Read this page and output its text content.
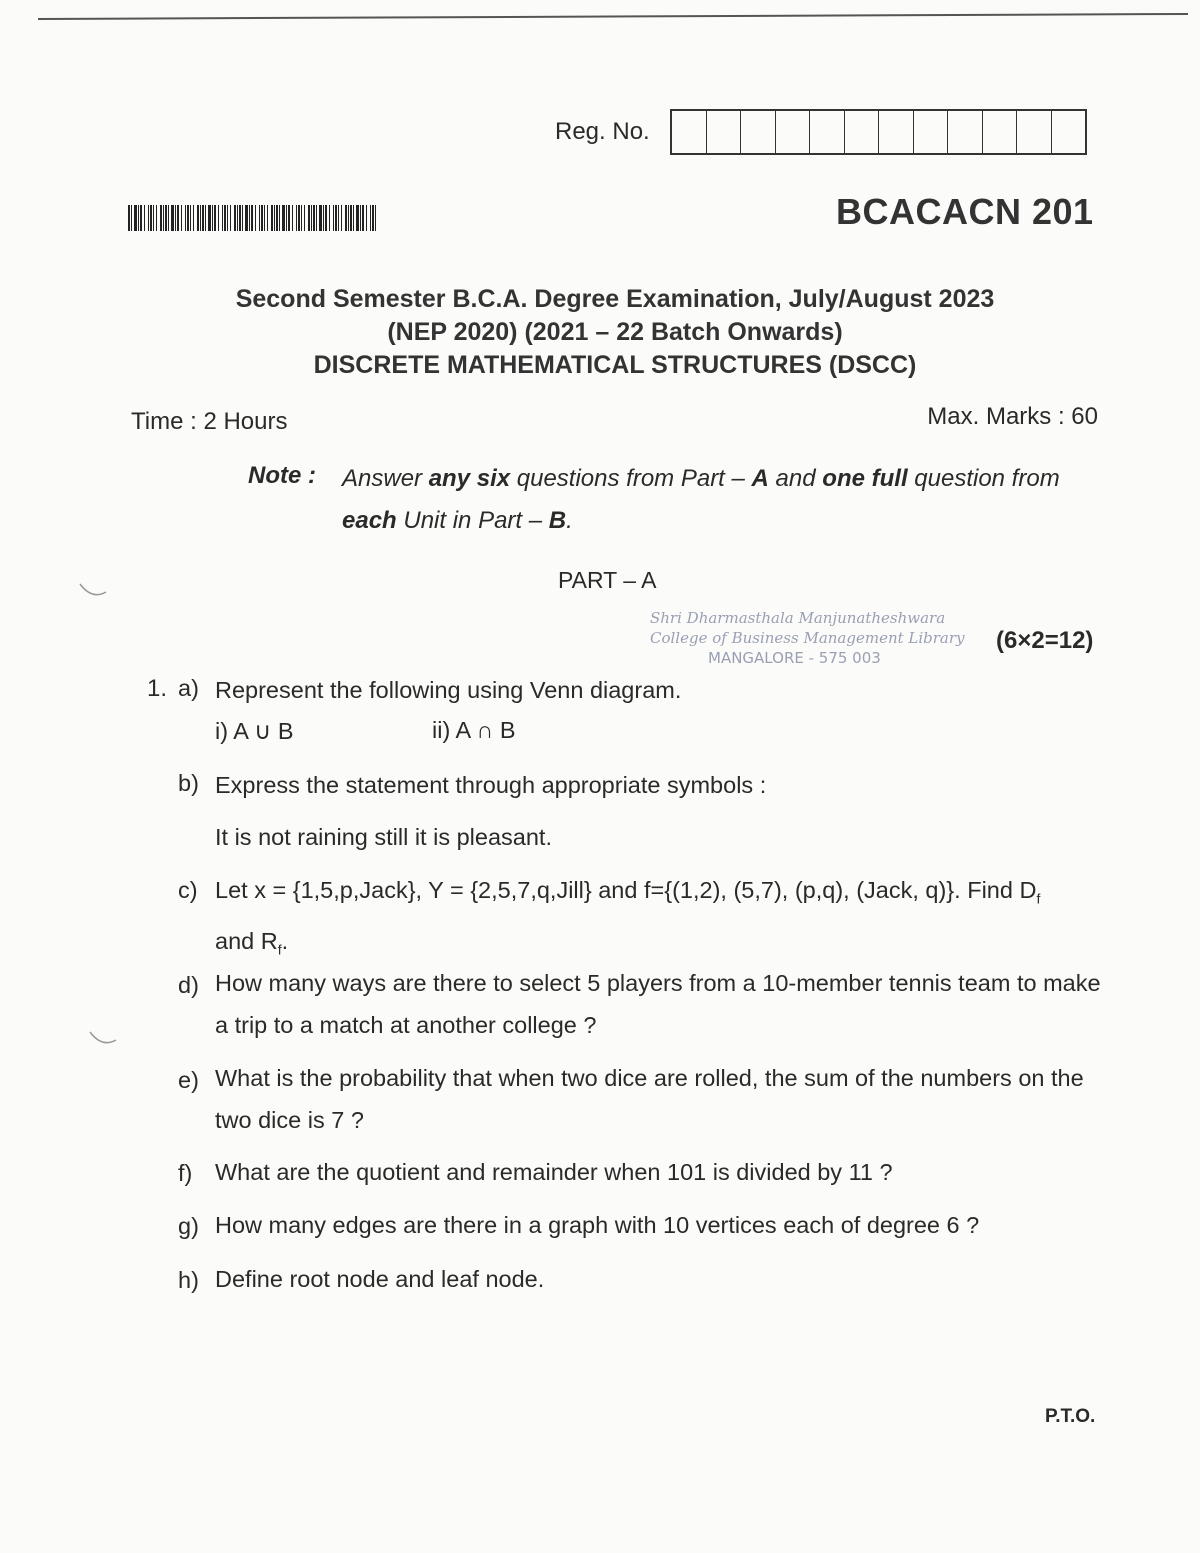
Reg. No.
BCACACN 201
Second Semester B.C.A. Degree Examination, July/August 2023
(NEP 2020) (2021 – 22 Batch Onwards)
DISCRETE MATHEMATICAL STRUCTURES (DSCC)
Time : 2 Hours	Max. Marks : 60
Note : Answer any six questions from Part – A and one full question from each Unit in Part – B.
PART – A
Shri Dharmasthala Manjunatheshwara
College of Business Management Library
MANGALORE - 575 003
(6×2=12)
1. a) Represent the following using Venn diagram.
i) A ∪ B	ii) A ∩ B
b) Express the statement through appropriate symbols :
It is not raining still it is pleasant.
c) Let x = {1,5,p,Jack}, Y = {2,5,7,q,Jill} and f={(1,2), (5,7), (p,q), (Jack, q)}. Find $D_f$
and $R_f$.
d) How many ways are there to select 5 players from a 10-member tennis team to make a trip to a match at another college ?
e) What is the probability that when two dice are rolled, the sum of the numbers on the two dice is 7 ?
f) What are the quotient and remainder when 101 is divided by 11 ?
g) How many edges are there in a graph with 10 vertices each of degree 6 ?
h) Define root node and leaf node.
P.T.O.
